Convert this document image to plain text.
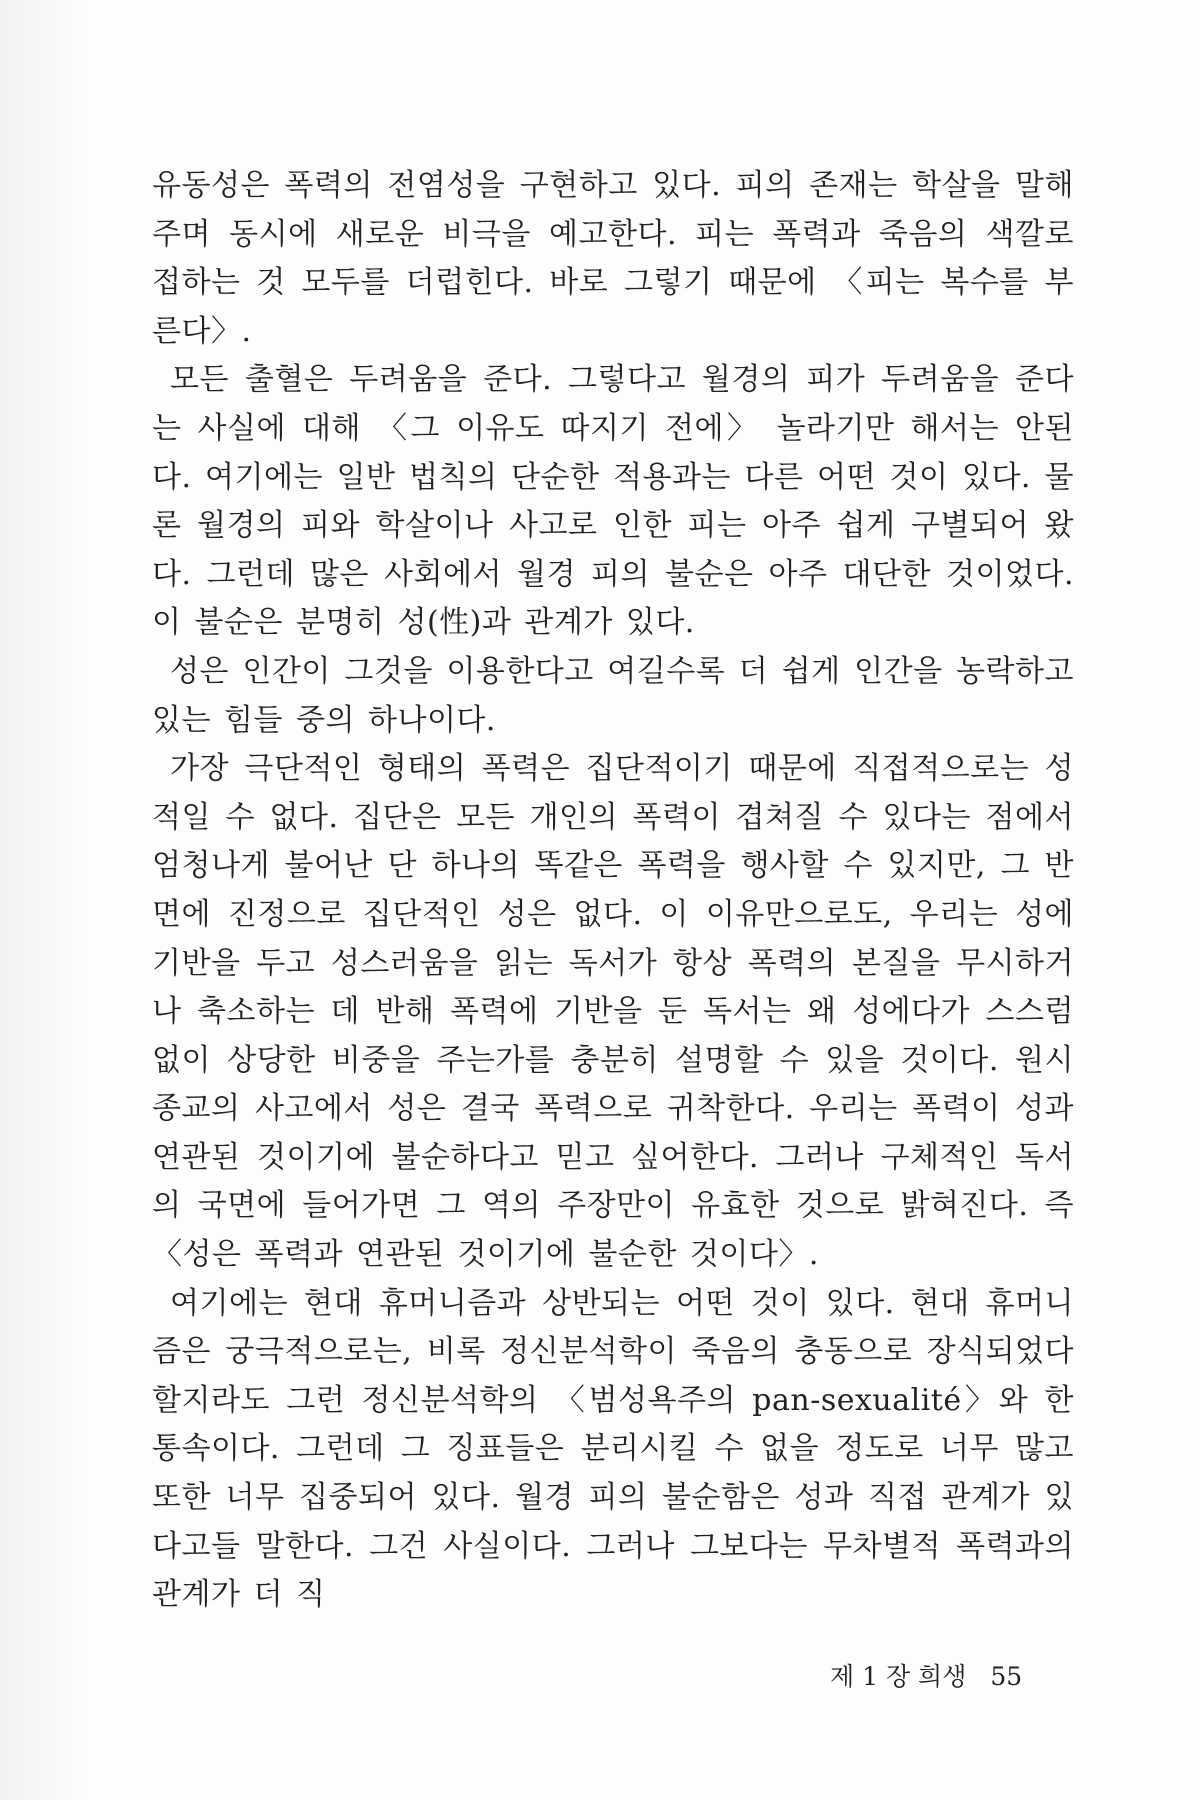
유동성은 폭력의 전염성을 구현하고 있다. 피의 존재는 학살을 말해주며 동시에 새로운 비극을 예고한다. 피는 폭력과 죽음의 색깔로 접하는 것 모두를 더럽힌다. 바로 그렇기 때문에 〈피는 복수를 부른다〉.

모든 출혈은 두려움을 준다. 그렇다고 월경의 피가 두려움을 준다는 사실에 대해 〈그 이유도 따지기 전에〉 놀라기만 해서는 안된다. 여기에는 일반 법칙의 단순한 적용과는 다른 어떤 것이 있다. 물론 월경의 피와 학살이나 사고로 인한 피는 아주 쉽게 구별되어 왔다. 그런데 많은 사회에서 월경 피의 불순은 아주 대단한 것이었다. 이 불순은 분명히 성(性)과 관계가 있다.

성은 인간이 그것을 이용한다고 여길수록 더 쉽게 인간을 농락하고 있는 힘들 중의 하나이다.

가장 극단적인 형태의 폭력은 집단적이기 때문에 직접적으로는 성적일 수 없다. 집단은 모든 개인의 폭력이 겹쳐질 수 있다는 점에서 엄청나게 불어난 단 하나의 똑같은 폭력을 행사할 수 있지만, 그 반면에 진정으로 집단적인 성은 없다. 이 이유만으로도, 우리는 성에 기반을 두고 성스러움을 읽는 독서가 항상 폭력의 본질을 무시하거나 축소하는 데 반해 폭력에 기반을 둔 독서는 왜 성에다가 스스럼없이 상당한 비중을 주는가를 충분히 설명할 수 있을 것이다. 원시종교의 사고에서 성은 결국 폭력으로 귀착한다. 우리는 폭력이 성과 연관된 것이기에 불순하다고 믿고 싶어한다. 그러나 구체적인 독서의 국면에 들어가면 그 역의 주장만이 유효한 것으로 밝혀진다. 즉 〈성은 폭력과 연관된 것이기에 불순한 것이다〉.

여기에는 현대 휴머니즘과 상반되는 어떤 것이 있다. 현대 휴머니즘은 궁극적으로는, 비록 정신분석학이 죽음의 충동으로 장식되었다 할지라도 그런 정신분석학의 〈범성욕주의 pan-sexualité〉와 한 통속이다. 그런데 그 징표들은 분리시킬 수 없을 정도로 너무 많고 또한 너무 집중되어 있다. 월경 피의 불순함은 성과 직접 관계가 있다고들 말한다. 그건 사실이다. 그러나 그보다는 무차별적 폭력과의 관계가 더 직

제 1 장 희생 55
